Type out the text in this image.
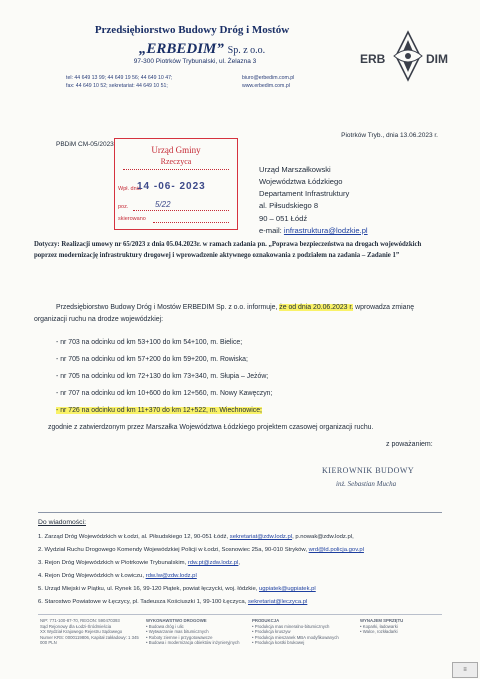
Przedsiębiorstwo Budowy Dróg i Mostów
„ERBEDIM” Sp. z o.o.
97-300 Piotrków Trybunalski, ul. Żelazna 3
tel: 44 649 13 99; 44 649 19 56; 44 649 10 47;
fax: 44 649 10 52; sekretariat: 44 649 10 51;
biuro@erbedim.com.pl
www.erbedim.com.pl
ERB	DIM
PBDiM CM-05/2023
Piotrków Tryb., dnia 13.06.2023 r.
Urząd Gminy
Rzeczyca
Wpł. dnia
14 -06- 2023
poz.	5/22
skierowano
Urząd Marszałkowski
Województwa Łódzkiego
Departament Infrastruktury
al. Piłsudskiego 8
90 – 051 Łódź
e-mail: infrastruktura@lodzkie.pl
Dotyczy: Realizacji umowy nr 65/2023 z dnia 05.04.2023r. w ramach zadania pn. „Poprawa bezpieczeństwa na drogach wojewódzkich poprzez modernizację infrastruktury drogowej i wprowadzenie aktywnego oznakowania z podziałem na zadania – Zadanie 1”
Przedsiębiorstwo Budowy Dróg i Mostów ERBEDIM Sp. z o.o. informuje, że od dnia 20.06.2023 r. wprowadza zmianę organizacji ruchu na drodze wojewódzkiej:
- nr 703 na odcinku od km 53+100 do km 54+100, m. Bielice;
- nr 705 na odcinku od km 57+200 do km 59+200, m. Rowiska;
- nr 705 na odcinku od km 72+130 do km 73+340, m. Słupia – Jeżów;
- nr 707 na odcinku od km 10+600 do km 12+560, m. Nowy Kawęczyn;
- nr 726 na odcinku od km 11+370 do km 12+522, m. Wiechnowice;
zgodnie z zatwierdzonym przez Marszałka Województwa Łódzkiego projektem czasowej organizacji ruchu.
z poważaniem:
KIEROWNIK BUDOWY
inż. Sebastian Mucha
Do wiadomości:
1. Zarząd Dróg Wojewódzkich w Łodzi, al. Piłsudskiego 12, 90-051 Łódź, sekretariat@zdw.lodz.pl, p.nowak@zdw.lodz.pl,
2. Wydział Ruchu Drogowego Komendy Wojewódzkiej Policji w Łodzi, Sosnowiec 25a, 90-010 Stryków, wrd@ld.policja.gov.pl
3. Rejon Dróg Wojewódzkich w Piotrkowie Trybunalskim, rdw.pt@zdw.lodz.pl,
4. Rejon Dróg Wojewódzkich w Łowiczu, rdw.lw@zdw.lodz.pl
5. Urząd Miejski w Piątku, ul. Rynek 16, 99-120 Piątek, powiat łęczycki, woj. łódzkie, ugpiatek@ugpiatek.pl
6. Starostwo Powiatowe w Łęczycy, pl. Tadeusza Kościuszki 1, 99-100 Łęczyca, sekretariat@leczyca.pl
NIP: 771-100-87-70, REGON: 590470393
Sąd Rejonowy dla Łodzi-Śródmieścia
XX Wydział Krajowego Rejestru Sądowego
Numer KRS: 0000119806, Kapitał zakładowy: 1 345 000 PLN
WYKONAWSTWO DROGOWE
• Budowa dróg i ulic
• Wytwarzanie mas bitumicznych
• Roboty ziemne i przygotowawcze
• Budowa i modernizacja obiektów inżynieryjnych
PRODUKCJA
• Produkcja mas mineralno-bitumicznych
• Produkcja kruszyw
• Produkcja mieszanek MBA modyfikowanych
• Produkcja kostki brukowej
WYNAJEM SPRZĘTU
• Koparki, ładowarki
• Walce, rozkładarki
≡
